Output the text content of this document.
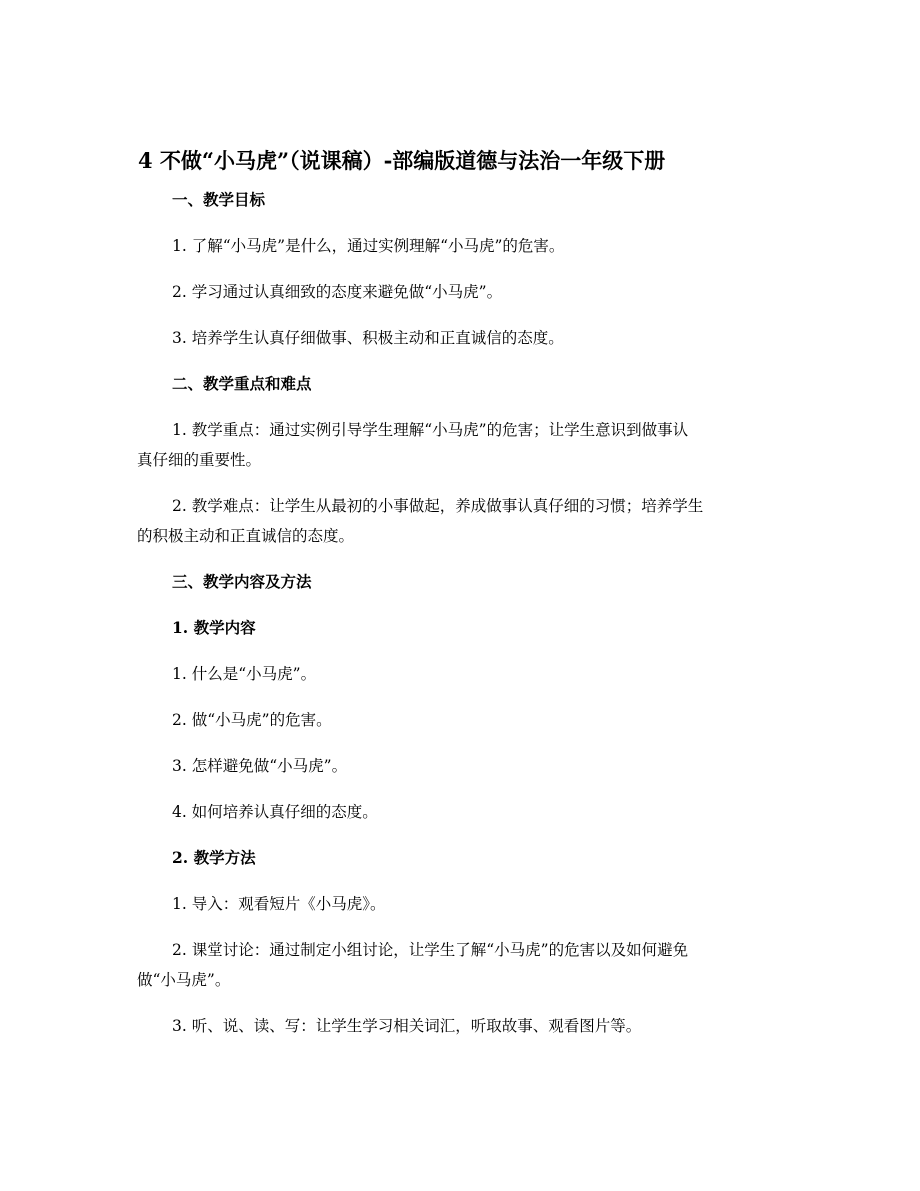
4 不做“小马虎”（说课稿）-部编版道德与法治一年级下册
一、教学目标
1. 了解“小马虎”是什么，通过实例理解“小马虎”的危害。
2. 学习通过认真细致的态度来避免做“小马虎”。
3. 培养学生认真仔细做事、积极主动和正直诚信的态度。
二、教学重点和难点
1. 教学重点：通过实例引导学生理解“小马虎”的危害；让学生意识到做事认
真仔细的重要性。
2. 教学难点：让学生从最初的小事做起，养成做事认真仔细的习惯；培养学生
的积极主动和正直诚信的态度。
三、教学内容及方法
1. 教学内容
1. 什么是“小马虎”。
2. 做“小马虎”的危害。
3. 怎样避免做“小马虎”。
4. 如何培养认真仔细的态度。
2. 教学方法
1. 导入：观看短片《小马虎》。
2. 课堂讨论：通过制定小组讨论，让学生了解“小马虎”的危害以及如何避免
做“小马虎”。
3. 听、说、读、写：让学生学习相关词汇，听取故事、观看图片等。
